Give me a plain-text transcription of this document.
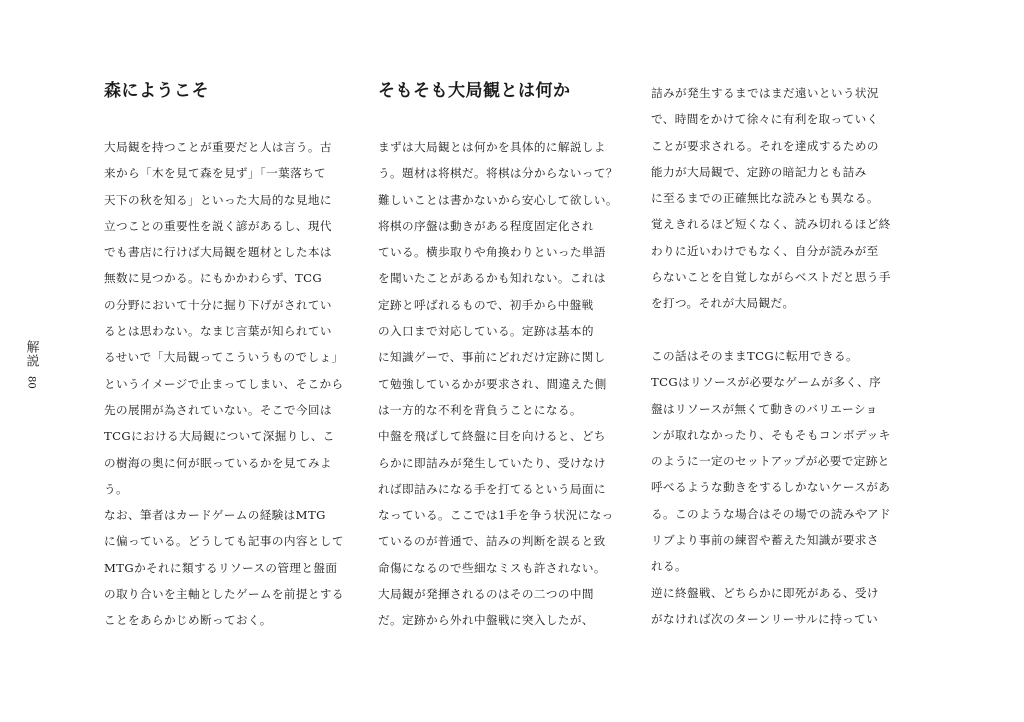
解説
80
森にようこそ
大局観を持つことが重要だと人は言う。古
来から「木を見て森を見ず」「一葉落ちて
天下の秋を知る」といった大局的な見地に
立つことの重要性を説く諺があるし、現代
でも書店に行けば大局観を題材とした本は
無数に見つかる。にもかかわらず、TCG
の分野において十分に掘り下げがされてい
るとは思わない。なまじ言葉が知られてい
るせいで「大局観ってこういうものでしょ」
というイメージで止まってしまい、そこから
先の展開が為されていない。そこで今回は
TCGにおける大局観について深掘りし、こ
の樹海の奥に何が眠っているかを見てみよ
う。
なお、筆者はカードゲームの経験はMTG
に偏っている。どうしても記事の内容として
MTGかそれに類するリソースの管理と盤面
の取り合いを主軸としたゲームを前提とする
ことをあらかじめ断っておく。
そもそも大局観とは何か
まずは大局観とは何かを具体的に解説しよ
う。題材は将棋だ。将棋は分からないって？
難しいことは書かないから安心して欲しい。
将棋の序盤は動きがある程度固定化され
ている。横歩取りや角換わりといった単語
を聞いたことがあるかも知れない。これは
定跡と呼ばれるもので、初手から中盤戦
の入口まで対応している。定跡は基本的
に知識ゲーで、事前にどれだけ定跡に関し
て勉強しているかが要求され、間違えた側
は一方的な不利を背負うことになる。
中盤を飛ばして終盤に目を向けると、どち
らかに即詰みが発生していたり、受けなけ
れば即詰みになる手を打てるという局面に
なっている。ここでは1手を争う状況になっ
ているのが普通で、詰みの判断を誤ると致
命傷になるので些細なミスも許されない。
大局観が発揮されるのはその二つの中間
だ。定跡から外れ中盤戦に突入したが、
詰みが発生するまではまだ遠いという状況
で、時間をかけて徐々に有利を取っていく
ことが要求される。それを達成するための
能力が大局観で、定跡の暗記力とも詰み
に至るまでの正確無比な読みとも異なる。
覚えきれるほど短くなく、読み切れるほど終
わりに近いわけでもなく、自分が読みが至
らないことを自覚しながらベストだと思う手
を打つ。それが大局観だ。
この話はそのままTCGに転用できる。
TCGはリソースが必要なゲームが多く、序
盤はリソースが無くて動きのバリエーショ
ンが取れなかったり、そもそもコンボデッキ
のように一定のセットアップが必要で定跡と
呼べるような動きをするしかないケースがあ
る。このような場合はその場での読みやアド
リブより事前の練習や蓄えた知識が要求さ
れる。
逆に終盤戦、どちらかに即死がある、受け
がなければ次のターンリーサルに持ってい
